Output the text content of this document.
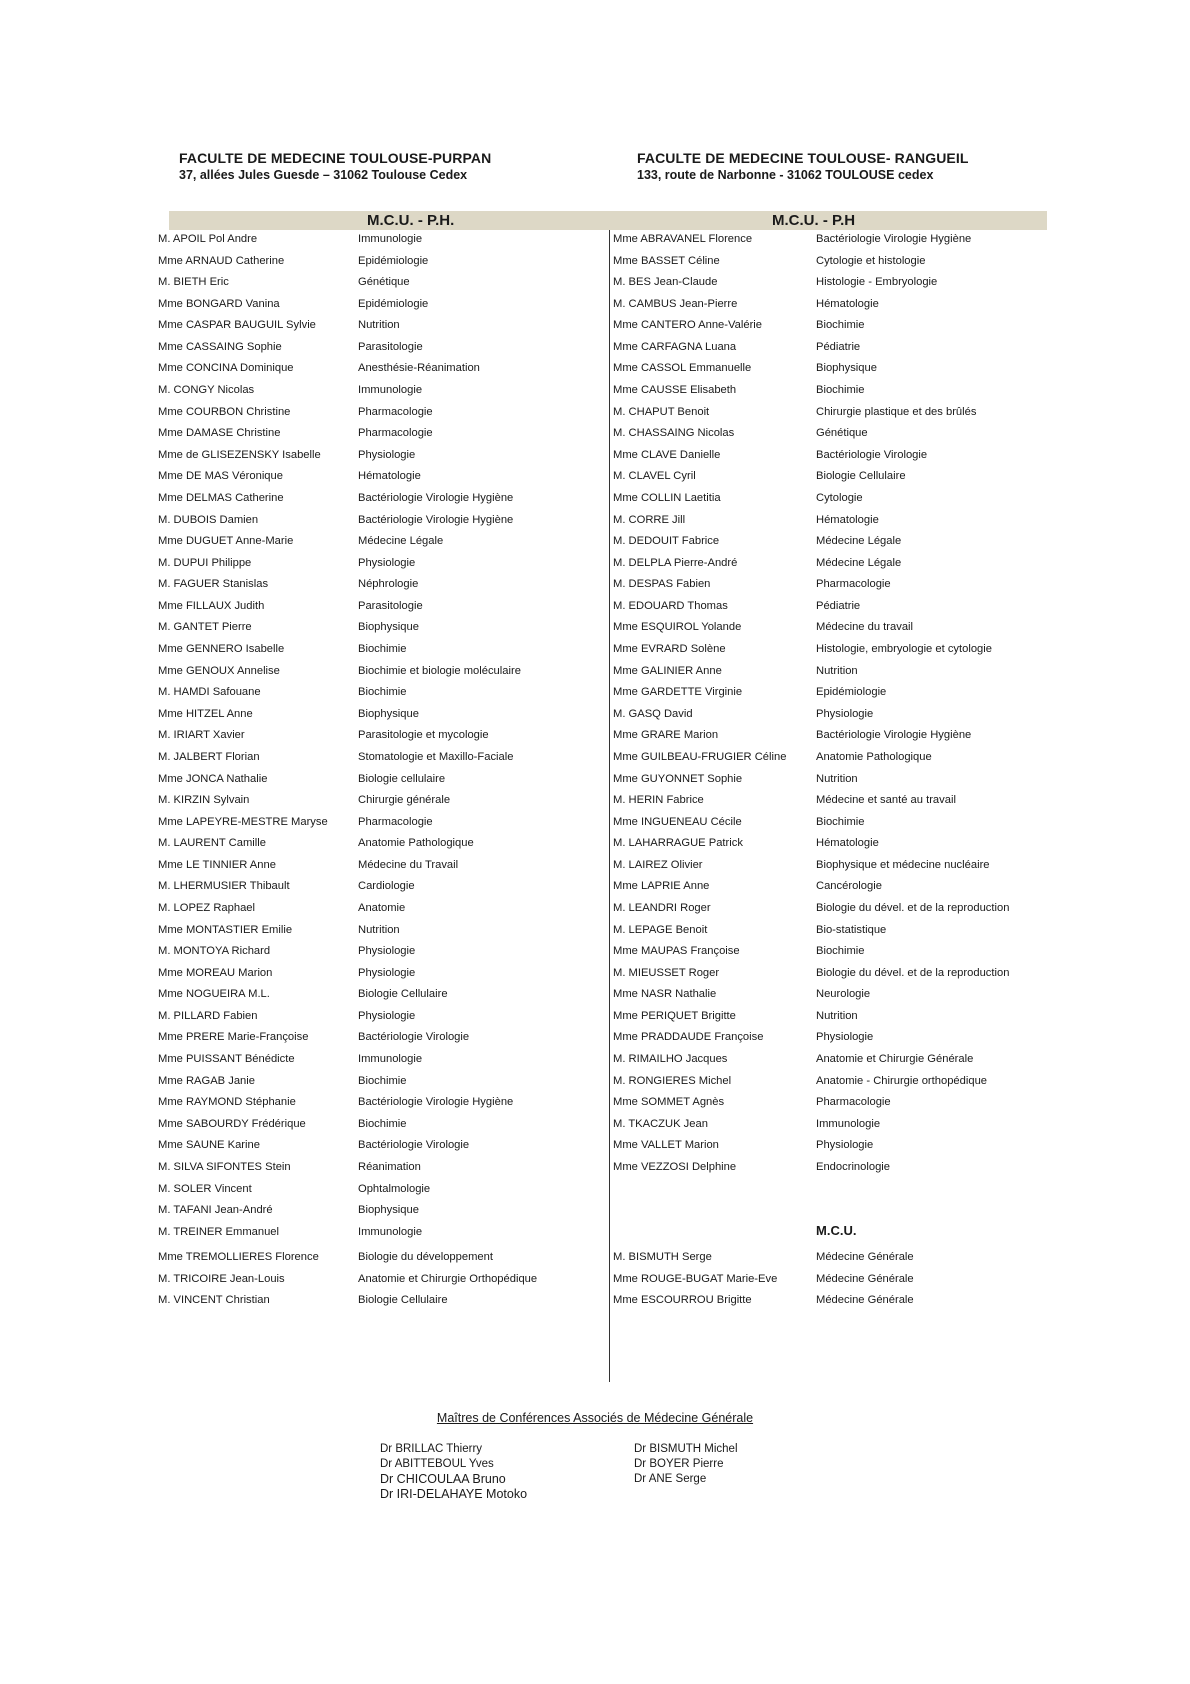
FACULTE DE MEDECINE TOULOUSE-PURPAN
37, allées Jules Guesde – 31062 Toulouse Cedex
FACULTE DE MEDECINE TOULOUSE- RANGUEIL
133, route de Narbonne - 31062 TOULOUSE cedex
M.C.U. - P.H.	M.C.U. - P.H
M. APOIL Pol Andre	Immunologie
Mme ARNAUD Catherine	Epidémiologie
M. BIETH Eric	Génétique
Mme BONGARD Vanina	Epidémiologie
Mme CASPAR BAUGUIL Sylvie	Nutrition
Mme CASSAING Sophie	Parasitologie
Mme CONCINA Dominique	Anesthésie-Réanimation
M. CONGY Nicolas	Immunologie
Mme COURBON Christine	Pharmacologie
Mme DAMASE Christine	Pharmacologie
Mme de GLISEZENSKY Isabelle	Physiologie
Mme DE MAS Véronique	Hématologie
Mme DELMAS Catherine	Bactériologie Virologie Hygiène
M. DUBOIS Damien	Bactériologie Virologie Hygiène
Mme DUGUET Anne-Marie	Médecine Légale
M. DUPUI Philippe	Physiologie
M. FAGUER Stanislas	Néphrologie
Mme FILLAUX Judith	Parasitologie
M. GANTET Pierre	Biophysique
Mme GENNERO Isabelle	Biochimie
Mme GENOUX Annelise	Biochimie et biologie moléculaire
M. HAMDI Safouane	Biochimie
Mme HITZEL Anne	Biophysique
M. IRIART Xavier	Parasitologie et mycologie
M. JALBERT Florian	Stomatologie et Maxillo-Faciale
Mme JONCA Nathalie	Biologie cellulaire
M. KIRZIN Sylvain	Chirurgie générale
Mme LAPEYRE-MESTRE Maryse	Pharmacologie
M. LAURENT Camille	Anatomie Pathologique
Mme LE TINNIER Anne	Médecine du Travail
M. LHERMUSIER Thibault	Cardiologie
M. LOPEZ Raphael	Anatomie
Mme MONTASTIER Emilie	Nutrition
M. MONTOYA Richard	Physiologie
Mme MOREAU Marion	Physiologie
Mme NOGUEIRA M.L.	Biologie Cellulaire
M. PILLARD Fabien	Physiologie
Mme PRERE Marie-Françoise	Bactériologie Virologie
Mme PUISSANT Bénédicte	Immunologie
Mme RAGAB Janie	Biochimie
Mme RAYMOND Stéphanie	Bactériologie Virologie Hygiène
Mme SABOURDY Frédérique	Biochimie
Mme SAUNE Karine	Bactériologie Virologie
M. SILVA SIFONTES Stein	Réanimation
M. SOLER Vincent	Ophtalmologie
M. TAFANI Jean-André	Biophysique
M. TREINER Emmanuel	Immunologie
Mme TREMOLLIERES Florence	Biologie du développement
M. TRICOIRE Jean-Louis	Anatomie et Chirurgie Orthopédique
M. VINCENT Christian	Biologie Cellulaire
Mme ABRAVANEL Florence	Bactériologie Virologie Hygiène
Mme BASSET Céline	Cytologie et histologie
M. BES Jean-Claude	Histologie - Embryologie
M. CAMBUS Jean-Pierre	Hématologie
Mme CANTERO Anne-Valérie	Biochimie
Mme CARFAGNA Luana	Pédiatrie
Mme CASSOL Emmanuelle	Biophysique
Mme CAUSSE Elisabeth	Biochimie
M. CHAPUT Benoit	Chirurgie plastique et des brûlés
M. CHASSAING Nicolas	Génétique
Mme CLAVE Danielle	Bactériologie Virologie
M. CLAVEL Cyril	Biologie Cellulaire
Mme COLLIN Laetitia	Cytologie
M. CORRE Jill	Hématologie
M. DEDOUIT Fabrice	Médecine Légale
M. DELPLA Pierre-André	Médecine Légale
M. DESPAS Fabien	Pharmacologie
M. EDOUARD Thomas	Pédiatrie
Mme ESQUIROL Yolande	Médecine du travail
Mme EVRARD Solène	Histologie, embryologie et cytologie
Mme GALINIER Anne	Nutrition
Mme GARDETTE Virginie	Epidémiologie
M. GASQ David	Physiologie
Mme GRARE Marion	Bactériologie Virologie Hygiène
Mme GUILBEAU-FRUGIER Céline	Anatomie Pathologique
Mme GUYONNET Sophie	Nutrition
M. HERIN Fabrice	Médecine et santé au travail
Mme INGUENEAU Cécile	Biochimie
M. LAHARRAGUE Patrick	Hématologie
M. LAIREZ Olivier	Biophysique et médecine nucléaire
Mme LAPRIE Anne	Cancérologie
M. LEANDRI Roger	Biologie du dével. et de la reproduction
M. LEPAGE Benoit	Bio-statistique
Mme MAUPAS Françoise	Biochimie
M. MIEUSSET Roger	Biologie du dével. et de la reproduction
Mme NASR Nathalie	Neurologie
Mme PERIQUET Brigitte	Nutrition
Mme PRADDAUDE Françoise	Physiologie
M. RIMAILHO Jacques	Anatomie et Chirurgie Générale
M. RONGIERES Michel	Anatomie - Chirurgie orthopédique
Mme SOMMET Agnès	Pharmacologie
M. TKACZUK Jean	Immunologie
Mme VALLET Marion	Physiologie
Mme VEZZOSI Delphine	Endocrinologie
M. BISMUTH Serge	Médecine Générale
Mme ROUGE-BUGAT Marie-Eve	Médecine Générale
Mme ESCOURROU Brigitte	Médecine Générale
M.C.U.
Maîtres de Conférences Associés de Médecine Générale
Dr BRILLAC Thierry
Dr ABITTEBOUL Yves
Dr CHICOULAA Bruno
Dr IRI-DELAHAYE Motoko
Dr BISMUTH Michel
Dr BOYER Pierre
Dr ANE Serge
